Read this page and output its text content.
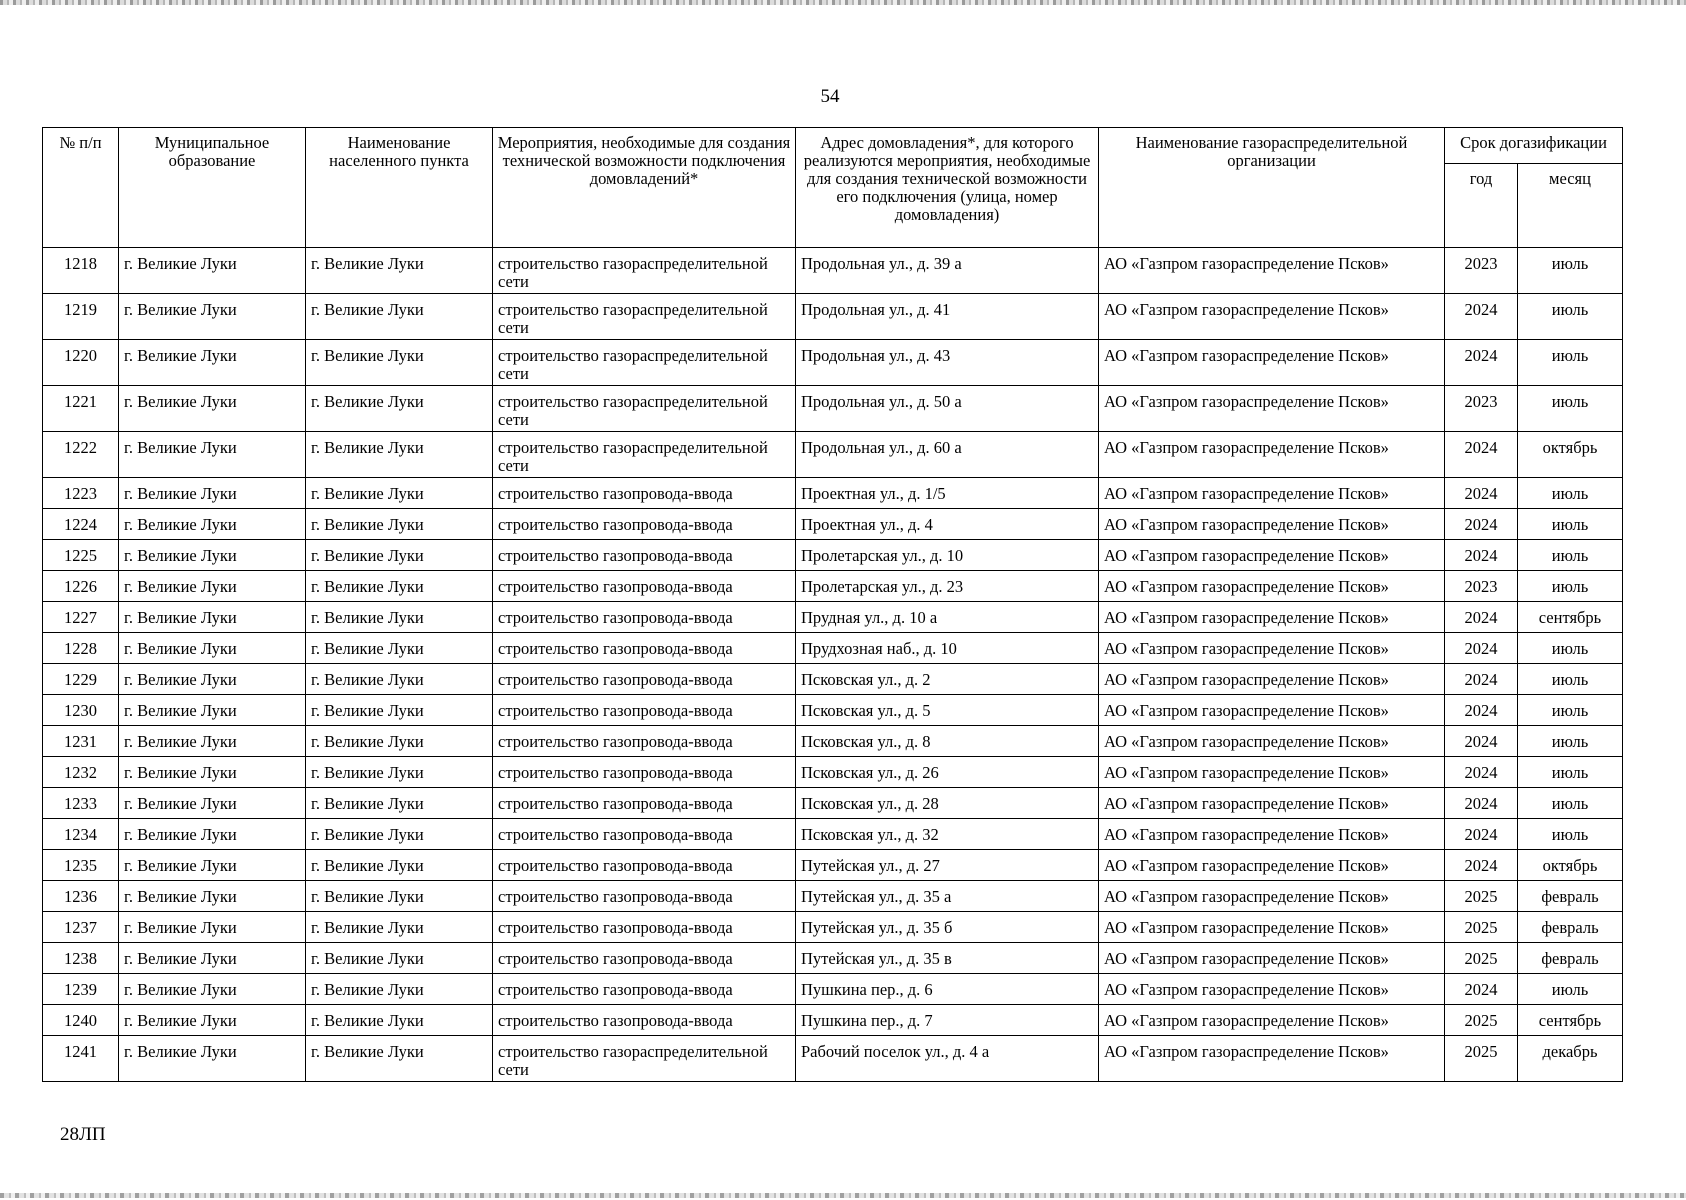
54
№ п/п	Муниципальное образование	Наименование населенного пункта	Мероприятия, необходимые для создания технической возможности подключения домовладений*	Адрес домовладения*, для которого реализуются мероприятия, необходимые для создания технической возможности его подключения (улица, номер домовладения)	Наименование газораспределительной организации	Срок догазификации	
						год	месяц
1218	г. Великие Луки	г. Великие Луки	строительство газораспределительной сети	Продольная ул., д. 39 а	АО «Газпром газораспределение Псков»	2023	июль
1219	г. Великие Луки	г. Великие Луки	строительство газораспределительной сети	Продольная ул., д. 41	АО «Газпром газораспределение Псков»	2024	июль
1220	г. Великие Луки	г. Великие Луки	строительство газораспределительной сети	Продольная ул., д. 43	АО «Газпром газораспределение Псков»	2024	июль
1221	г. Великие Луки	г. Великие Луки	строительство газораспределительной сети	Продольная ул., д. 50 а	АО «Газпром газораспределение Псков»	2023	июль
1222	г. Великие Луки	г. Великие Луки	строительство газораспределительной сети	Продольная ул., д. 60 а	АО «Газпром газораспределение Псков»	2024	октябрь
1223	г. Великие Луки	г. Великие Луки	строительство газопровода-ввода	Проектная ул., д. 1/5	АО «Газпром газораспределение Псков»	2024	июль
1224	г. Великие Луки	г. Великие Луки	строительство газопровода-ввода	Проектная ул., д. 4	АО «Газпром газораспределение Псков»	2024	июль
1225	г. Великие Луки	г. Великие Луки	строительство газопровода-ввода	Пролетарская ул., д. 10	АО «Газпром газораспределение Псков»	2024	июль
1226	г. Великие Луки	г. Великие Луки	строительство газопровода-ввода	Пролетарская ул., д. 23	АО «Газпром газораспределение Псков»	2023	июль
1227	г. Великие Луки	г. Великие Луки	строительство газопровода-ввода	Прудная ул., д. 10 а	АО «Газпром газораспределение Псков»	2024	сентябрь
1228	г. Великие Луки	г. Великие Луки	строительство газопровода-ввода	Прудхозная наб., д. 10	АО «Газпром газораспределение Псков»	2024	июль
1229	г. Великие Луки	г. Великие Луки	строительство газопровода-ввода	Псковская ул., д. 2	АО «Газпром газораспределение Псков»	2024	июль
1230	г. Великие Луки	г. Великие Луки	строительство газопровода-ввода	Псковская ул., д. 5	АО «Газпром газораспределение Псков»	2024	июль
1231	г. Великие Луки	г. Великие Луки	строительство газопровода-ввода	Псковская ул., д. 8	АО «Газпром газораспределение Псков»	2024	июль
1232	г. Великие Луки	г. Великие Луки	строительство газопровода-ввода	Псковская ул., д. 26	АО «Газпром газораспределение Псков»	2024	июль
1233	г. Великие Луки	г. Великие Луки	строительство газопровода-ввода	Псковская ул., д. 28	АО «Газпром газораспределение Псков»	2024	июль
1234	г. Великие Луки	г. Великие Луки	строительство газопровода-ввода	Псковская ул., д. 32	АО «Газпром газораспределение Псков»	2024	июль
1235	г. Великие Луки	г. Великие Луки	строительство газопровода-ввода	Путейская ул., д. 27	АО «Газпром газораспределение Псков»	2024	октябрь
1236	г. Великие Луки	г. Великие Луки	строительство газопровода-ввода	Путейская ул., д. 35 а	АО «Газпром газораспределение Псков»	2025	февраль
1237	г. Великие Луки	г. Великие Луки	строительство газопровода-ввода	Путейская ул., д. 35 б	АО «Газпром газораспределение Псков»	2025	февраль
1238	г. Великие Луки	г. Великие Луки	строительство газопровода-ввода	Путейская ул., д. 35 в	АО «Газпром газораспределение Псков»	2025	февраль
1239	г. Великие Луки	г. Великие Луки	строительство газопровода-ввода	Пушкина пер., д. 6	АО «Газпром газораспределение Псков»	2024	июль
1240	г. Великие Луки	г. Великие Луки	строительство газопровода-ввода	Пушкина пер., д. 7	АО «Газпром газораспределение Псков»	2025	сентябрь
1241	г. Великие Луки	г. Великие Луки	строительство газораспределительной сети	Рабочий поселок ул., д. 4 а	АО «Газпром газораспределение Псков»	2025	декабрь
28ЛП
